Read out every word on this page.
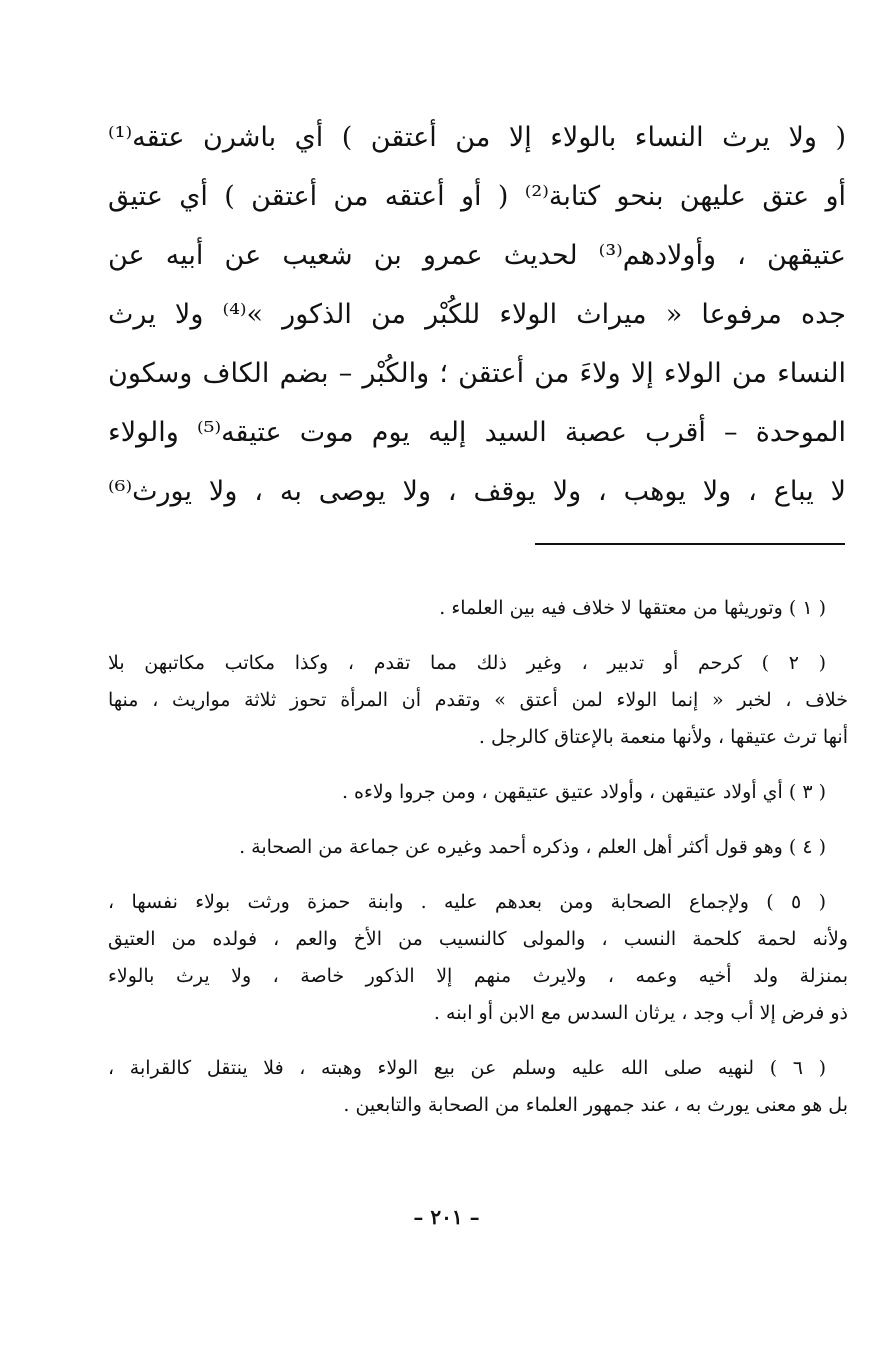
( ولا يرث النساء بالولاء إلا من أعتقن ) أي باشرن عتقه⁽¹⁾
أو عتق عليهن بنحو كتابة⁽²⁾ ( أو أعتقه من أعتقن ) أي عتيق
عتيقهن ، وأولادهم⁽³⁾ لحديث عمرو بن شعيب عن أبيه عن
جده مرفوعا « ميراث الولاء للكُبْر من الذكور »⁽⁴⁾ ولا يرث
النساء من الولاء إلا ولاءَ من أعتقن ؛ والكُبْر – بضم الكاف وسكون
الموحدة – أقرب عصبة السيد إليه يوم موت عتيقه⁽⁵⁾ والولاء
لا يباع ، ولا يوهب ، ولا يوقف ، ولا يوصى به ، ولا يورث⁽⁶⁾
( ١ ) وتوريثها من معتقها لا خلاف فيه بين العلماء .
( ٢ ) كرحم أو تدبير ، وغير ذلك مما تقدم ، وكذا مكاتب مكاتبهن بلا
خلاف ، لخبر « إنما الولاء لمن أعتق » وتقدم أن المرأة تحوز ثلاثة مواريث ، منها
أنها ترث عتيقها ، ولأنها منعمة بالإعتاق كالرجل .
( ٣ ) أي أولاد عتيقهن ، وأولاد عتيق عتيقهن ، ومن جروا ولاءه .
( ٤ ) وهو قول أكثر أهل العلم ، وذكره أحمد وغيره عن جماعة من الصحابة .
( ٥ ) ولإجماع الصحابة ومن بعدهم عليه . وابنة حمزة ورثت بولاء نفسها ،
ولأنه لحمة كلحمة النسب ، والمولى كالنسيب من الأخ والعم ، فولده من العتيق
بمنزلة ولد أخيه وعمه ، ولايرث منهم إلا الذكور خاصة ، ولا يرث بالولاء
ذو فرض إلا أب وجد ، يرثان السدس مع الابن أو ابنه .
( ٦ ) لنهيه صلى الله عليه وسلم عن بيع الولاء وهبته ، فلا ينتقل كالقرابة ،
بل هو معنى يورث به ، عند جمهور العلماء من الصحابة والتابعين .
– ٢٠١ –
